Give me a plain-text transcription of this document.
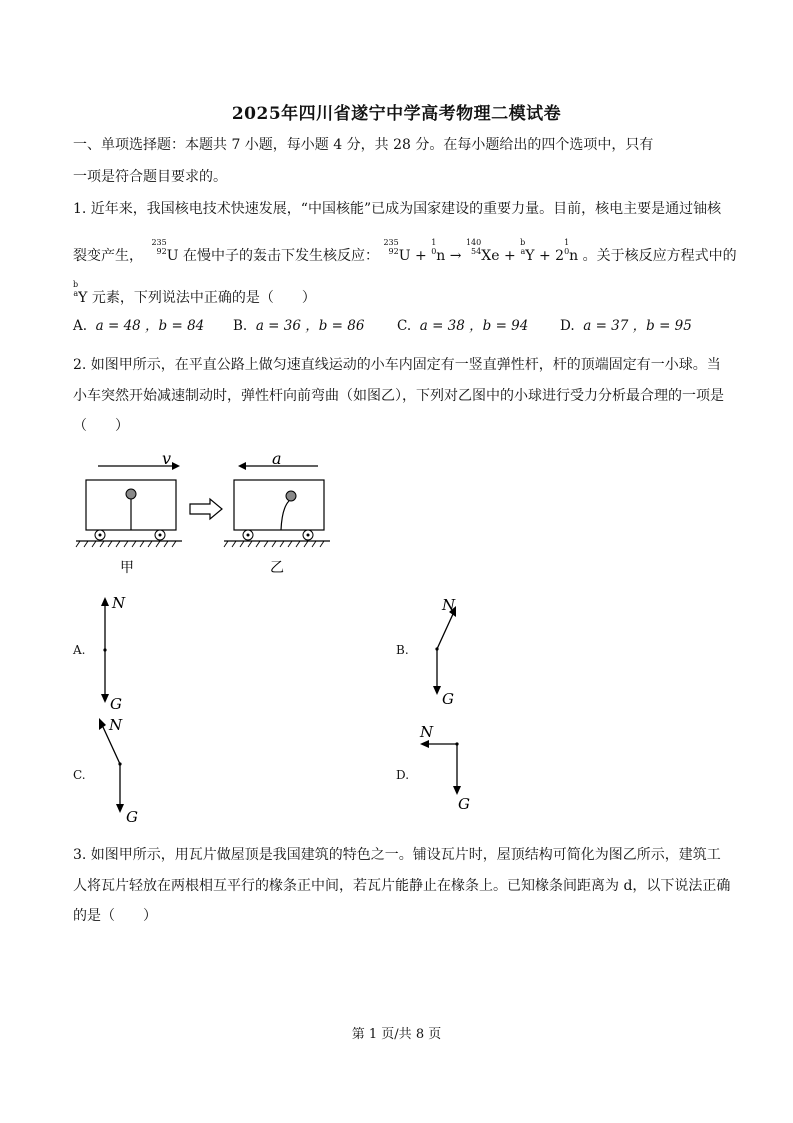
2025年四川省遂宁中学高考物理二模试卷
一、单项选择题：本题共 7 小题，每小题 4 分，共 28 分。在每小题给出的四个选项中，只有
一项是符合题目要求的。
1. 近年来，我国核电技术快速发展，“中国核能”已成为国家建设的重要力量。目前，核电主要是通过铀核
裂变产生， 235
92U 在慢中子的轰击下发生核反应： 235
92U + 1
0n → 140
54Xe + b
aY + 21
0n 。关于核反应方程式中的
b
aY 元素，下列说法中正确的是（　　）
A. a = 48 ，b = 84 B. a = 36 ，b = 86 C. a = 38 ，b = 94 D. a = 37 ，b = 95
2. 如图甲所示，在平直公路上做匀速直线运动的小车内固定有一竖直弹性杆，杆的顶端固定有一小球。当
小车突然开始减速制动时，弹性杆向前弯曲（如图乙），下列对乙图中的小球进行受力分析最合理的一项是
（　　）
v
甲
a
乙
A.
N
G
B.
N
G
C.
N
G
D.
N
G
3. 如图甲所示，用瓦片做屋顶是我国建筑的特色之一。铺设瓦片时，屋顶结构可简化为图乙所示，建筑工
人将瓦片轻放在两根相互平行的椽条正中间，若瓦片能静止在椽条上。已知椽条间距离为 d，以下说法正确
的是（　　）
第 1 页/共 8 页
